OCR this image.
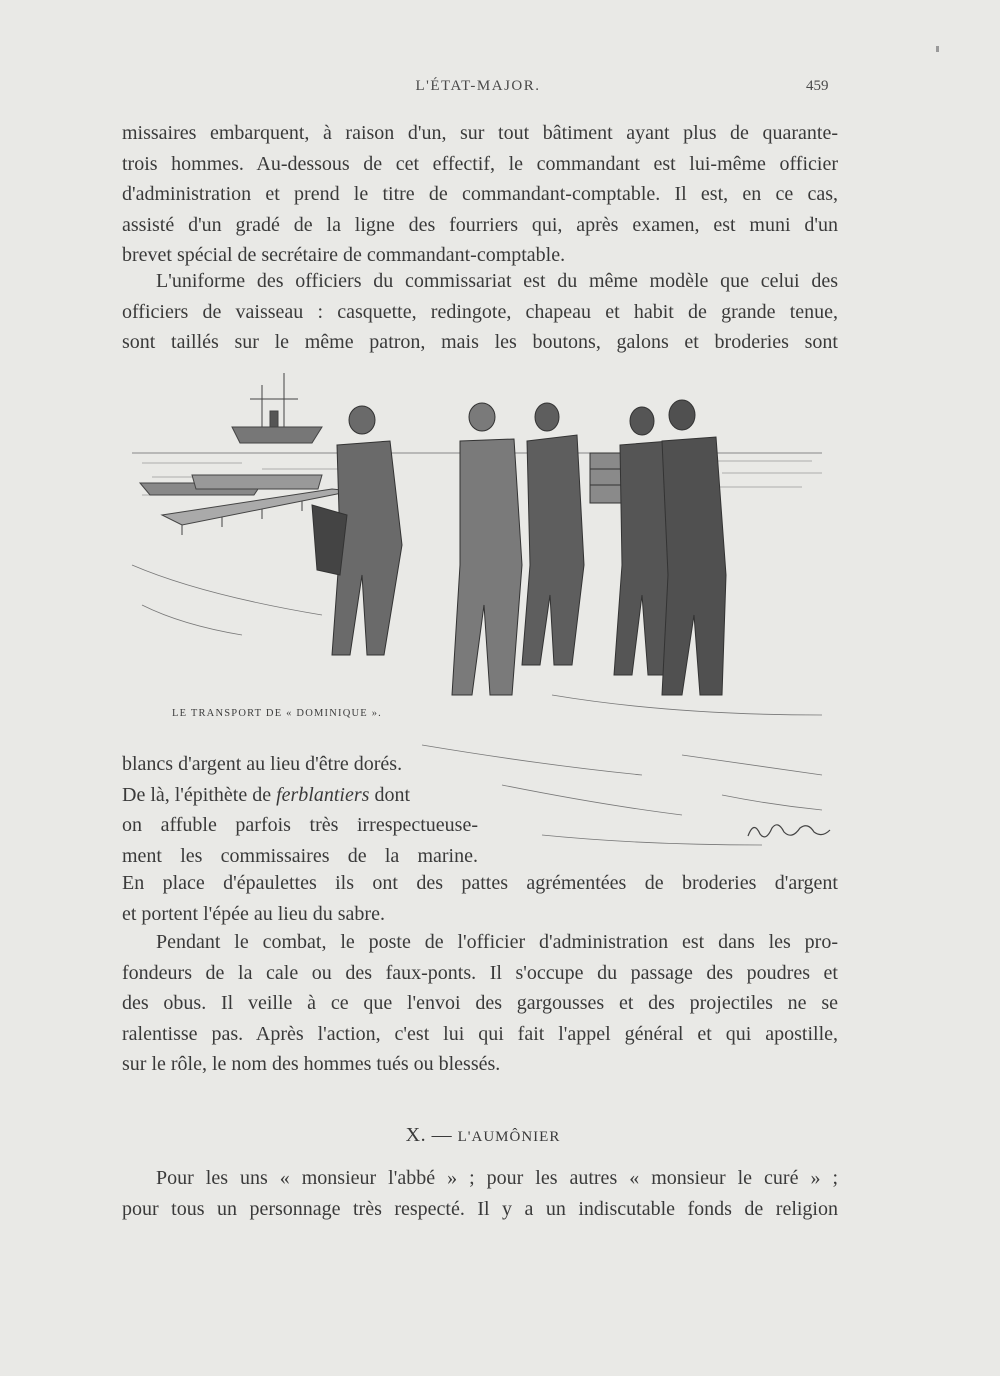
L'ÉTAT-MAJOR.	459
missaires embarquent, à raison d'un, sur tout bâtiment ayant plus de quarante-
trois hommes. Au-dessous de cet effectif, le commandant est lui-même officier
d'administration et prend le titre de commandant-comptable. Il est, en ce cas,
assisté d'un gradé de la ligne des fourriers qui, après examen, est muni d'un
brevet spécial de secrétaire de commandant-comptable.
L'uniforme des officiers du commissariat est du même modèle que celui des
officiers de vaisseau : casquette, redingote, chapeau et habit de grande tenue,
sont taillés sur le même patron, mais les boutons, galons et broderies sont
LE TRANSPORT DE « DOMINIQUE ».
blancs d'argent au lieu d'être dorés.
De là, l'épithète de ferblantiers dont
on affuble parfois très irrespectueuse-
ment les commissaires de la marine.
En place d'épaulettes ils ont des pattes agrémentées de broderies d'argent
et portent l'épée au lieu du sabre.
Pendant le combat, le poste de l'officier d'administration est dans les pro-
fondeurs de la cale ou des faux-ponts. Il s'occupe du passage des poudres et
des obus. Il veille à ce que l'envoi des gargousses et des projectiles ne se
ralentisse pas. Après l'action, c'est lui qui fait l'appel général et qui apostille,
sur le rôle, le nom des hommes tués ou blessés.
X. — L'AUMÔNIER
Pour les uns « monsieur l'abbé » ; pour les autres « monsieur le curé » ;
pour tous un personnage très respecté. Il y a un indiscutable fonds de religion
